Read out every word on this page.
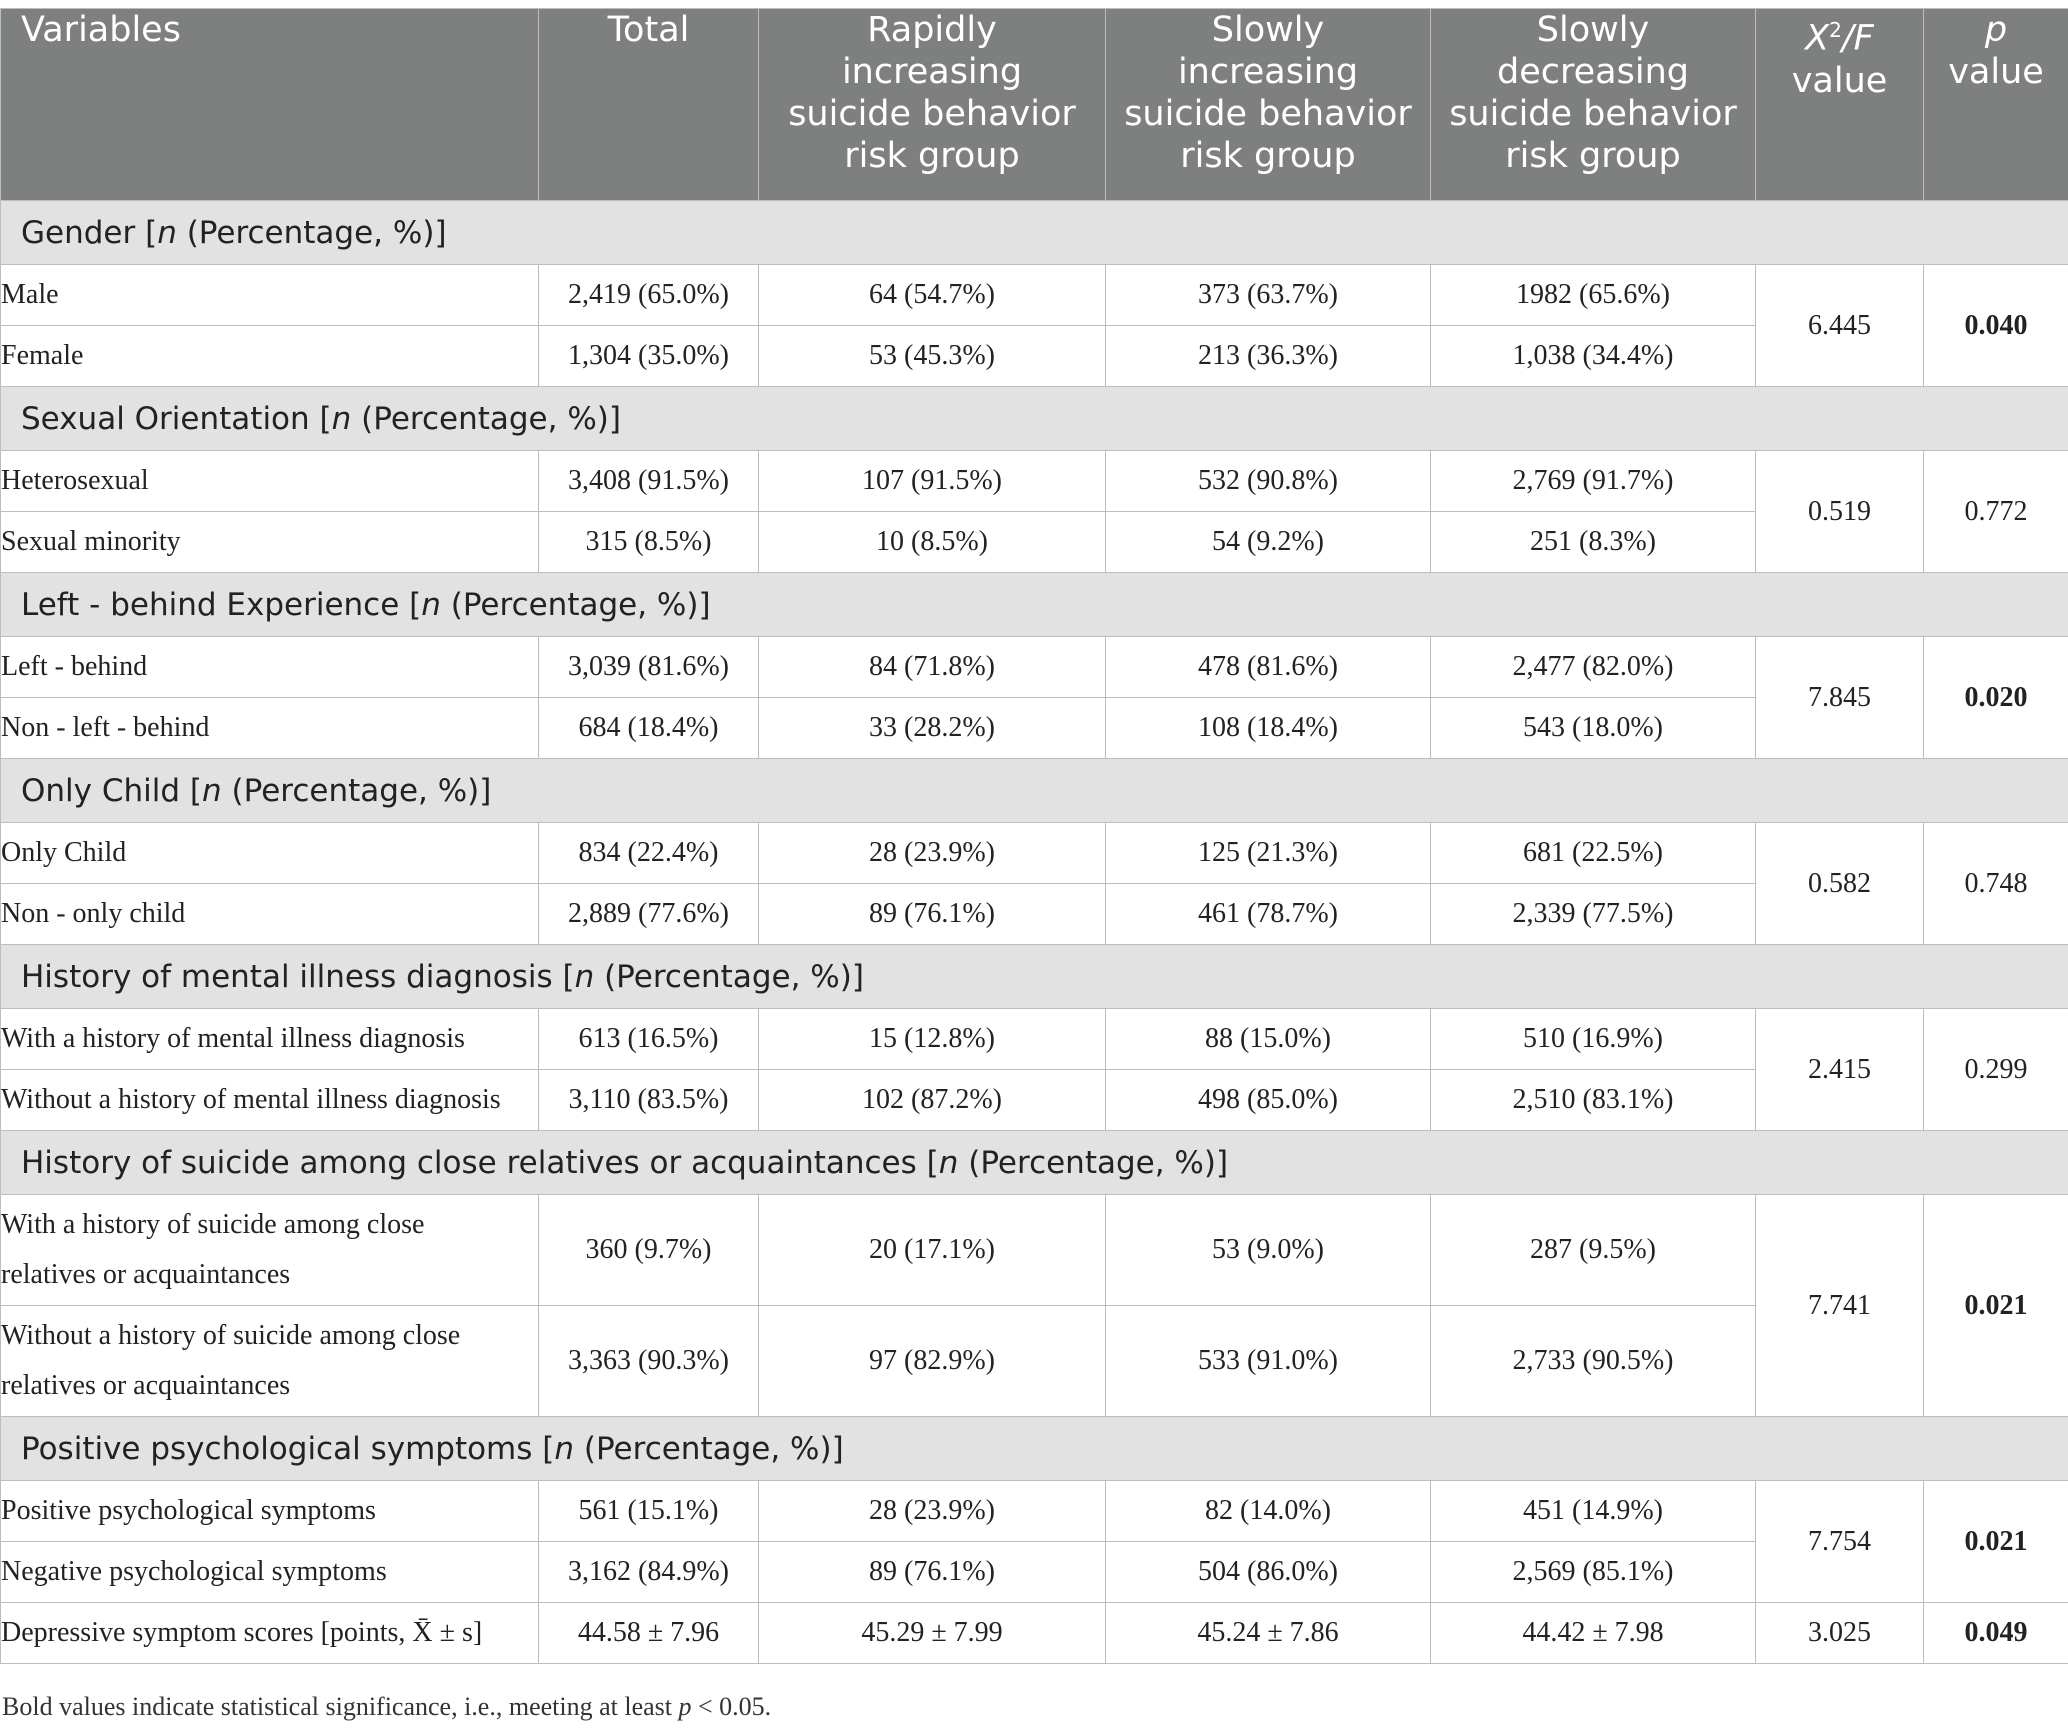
Variables	Total	Rapidly
increasing
suicide behavior
risk group	Slowly
increasing
suicide behavior
risk group	Slowly
decreasing
suicide behavior
risk group	$X^2/F$
value	p
value

Gender [n (Percentage, %)]						
Male	2,419 (65.0%)	64 (54.7%)	373 (63.7%)	1982 (65.6%)	6.445	0.040
Female	1,304 (35.0%)	53 (45.3%)	213 (36.3%)	1,038 (34.4%)		
Sexual Orientation [n (Percentage, %)]						
Heterosexual	3,408 (91.5%)	107 (91.5%)	532 (90.8%)	2,769 (91.7%)	0.519	0.772
Sexual minority	315 (8.5%)	10 (8.5%)	54 (9.2%)	251 (8.3%)		
Left - behind Experience [n (Percentage, %)]						
Left - behind	3,039 (81.6%)	84 (71.8%)	478 (81.6%)	2,477 (82.0%)	7.845	0.020
Non - left - behind	684 (18.4%)	33 (28.2%)	108 (18.4%)	543 (18.0%)		
Only Child [n (Percentage, %)]						
Only Child	834 (22.4%)	28 (23.9%)	125 (21.3%)	681 (22.5%)	0.582	0.748
Non - only child	2,889 (77.6%)	89 (76.1%)	461 (78.7%)	2,339 (77.5%)		
History of mental illness diagnosis [n (Percentage, %)]						
With a history of mental illness diagnosis	613 (16.5%)	15 (12.8%)	88 (15.0%)	510 (16.9%)	2.415	0.299
Without a history of mental illness diagnosis	3,110 (83.5%)	102 (87.2%)	498 (85.0%)	2,510 (83.1%)		
History of suicide among close relatives or acquaintances [n (Percentage, %)]						

With a history of suicide among close
relatives or acquaintances	360 (9.7%)	20 (17.1%)	53 (9.0%)	287 (9.5%)	7.741	0.021

Without a history of suicide among close
relatives or acquaintances	3,363 (90.3%)	97 (82.9%)	533 (91.0%)	2,733 (90.5%)		
Positive psychological symptoms [n (Percentage, %)]						
Positive psychological symptoms	561 (15.1%)	28 (23.9%)	82 (14.0%)	451 (14.9%)	7.754	0.021
Negative psychological symptoms	3,162 (84.9%)	89 (76.1%)	504 (86.0%)	2,569 (85.1%)		
Depressive symptom scores [points, X̄ ± s]	44.58 ± 7.96	45.29 ± 7.99	45.24 ± 7.86	44.42 ± 7.98	3.025	0.049
Bold values indicate statistical significance, i.e., meeting at least p < 0.05.
